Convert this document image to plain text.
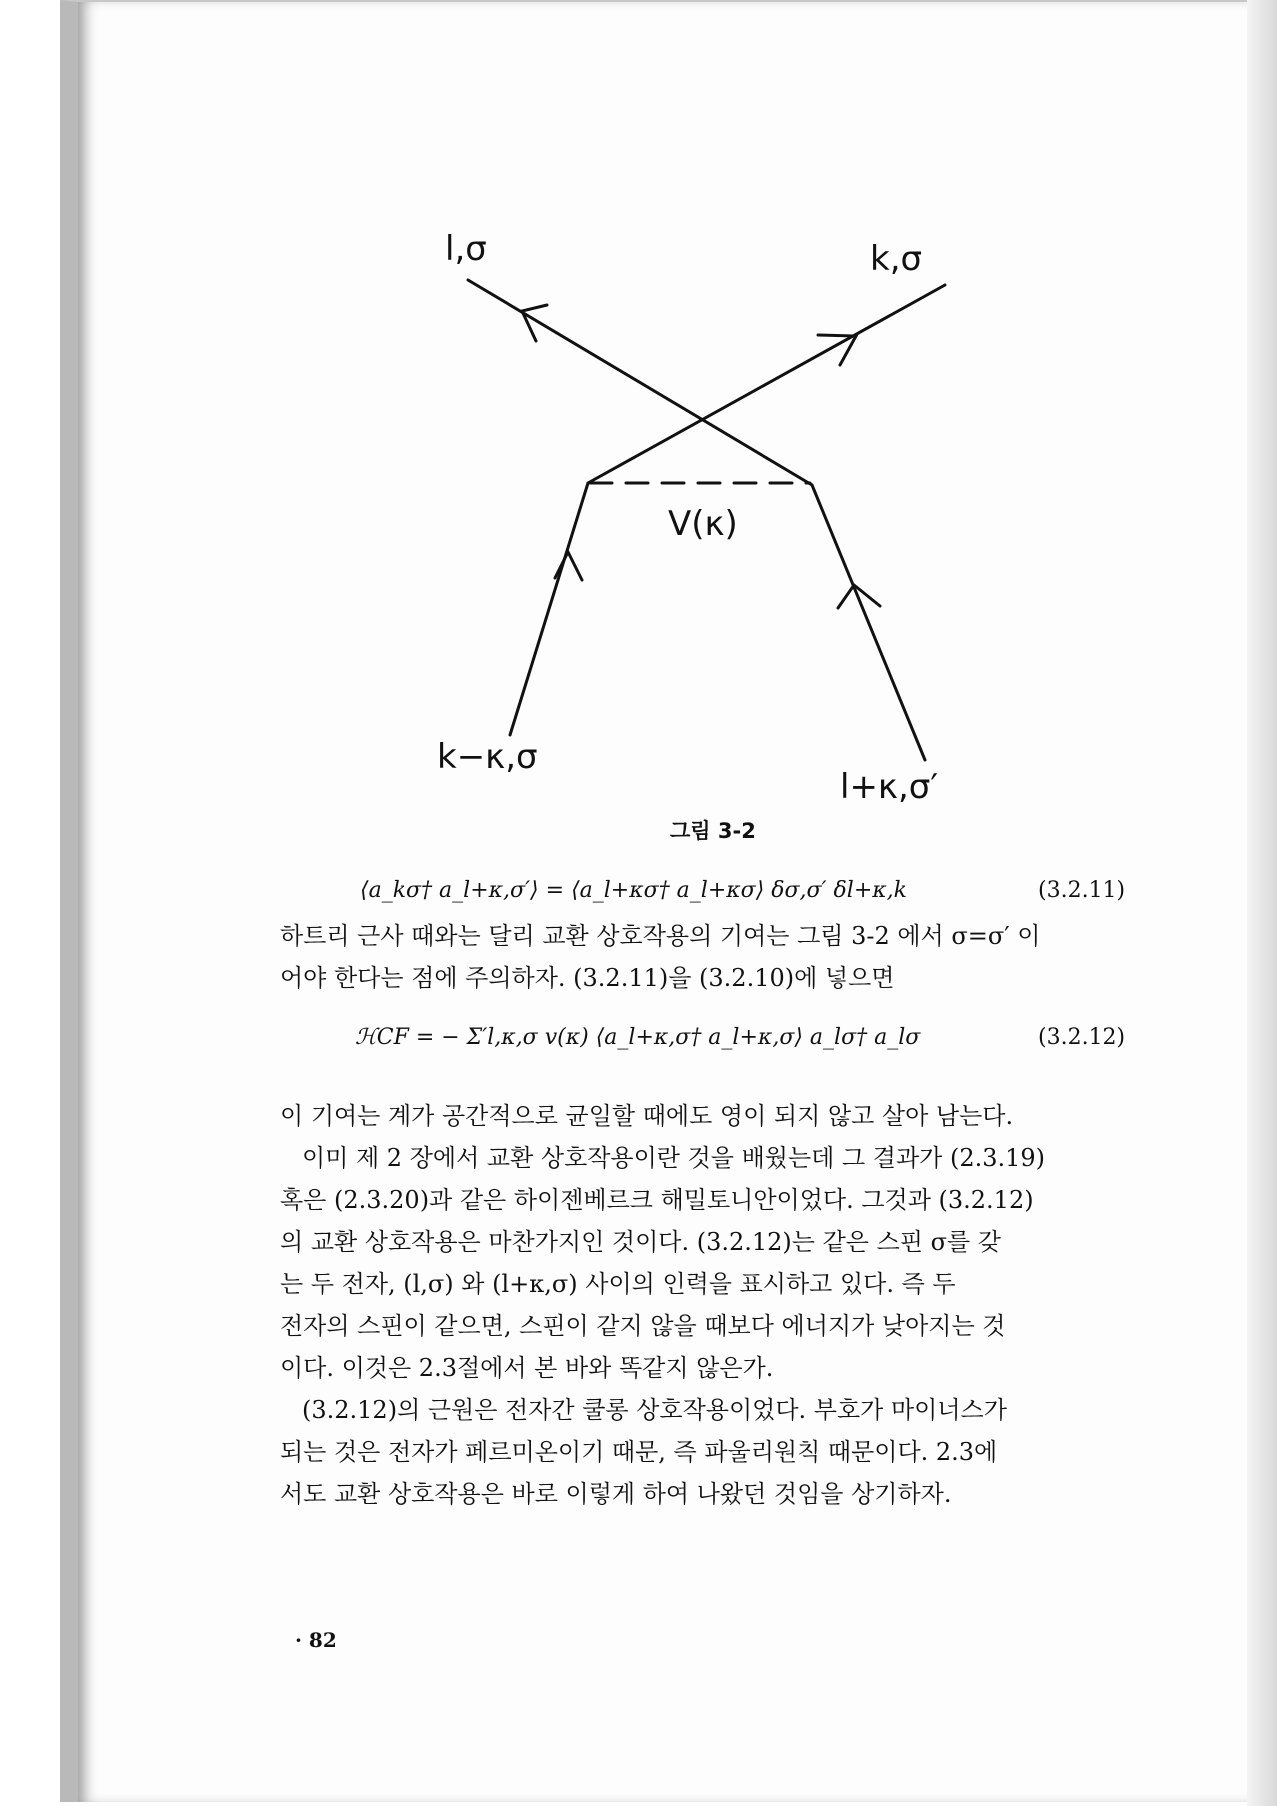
l,σ	k,σ
V(κ)
k−κ,σ
l+κ,σ′
그림 3-2
⟨a_kσ† a_l+κ,σ′⟩ = ⟨a_l+κσ† a_l+κσ⟩ δσ,σ′ δl+κ,k	(3.2.11)
하트리 근사 때와는 달리 교환 상호작용의 기여는 그림 3-2 에서 σ=σ′ 이
어야 한다는 점에 주의하자. (3.2.11)을 (3.2.10)에 넣으면
ℋCF = − Σ′l,κ,σ v(κ) ⟨a_l+κ,σ† a_l+κ,σ⟩ a_lσ† a_lσ	(3.2.12)
이 기여는 계가 공간적으로 균일할 때에도 영이 되지 않고 살아 남는다.
이미 제 2 장에서 교환 상호작용이란 것을 배웠는데 그 결과가 (2.3.19)
혹은 (2.3.20)과 같은 하이젠베르크 해밀토니안이었다. 그것과 (3.2.12)
의 교환 상호작용은 마찬가지인 것이다. (3.2.12)는 같은 스핀 σ를 갖
는 두 전자, (l,σ) 와 (l+κ,σ) 사이의 인력을 표시하고 있다. 즉 두
전자의 스핀이 같으면, 스핀이 같지 않을 때보다 에너지가 낮아지는 것
이다. 이것은 2.3절에서 본 바와 똑같지 않은가.
(3.2.12)의 근원은 전자간 쿨롱 상호작용이었다. 부호가 마이너스가
되는 것은 전자가 페르미온이기 때문, 즉 파울리원칙 때문이다. 2.3에
서도 교환 상호작용은 바로 이렇게 하여 나왔던 것임을 상기하자.
· 82
